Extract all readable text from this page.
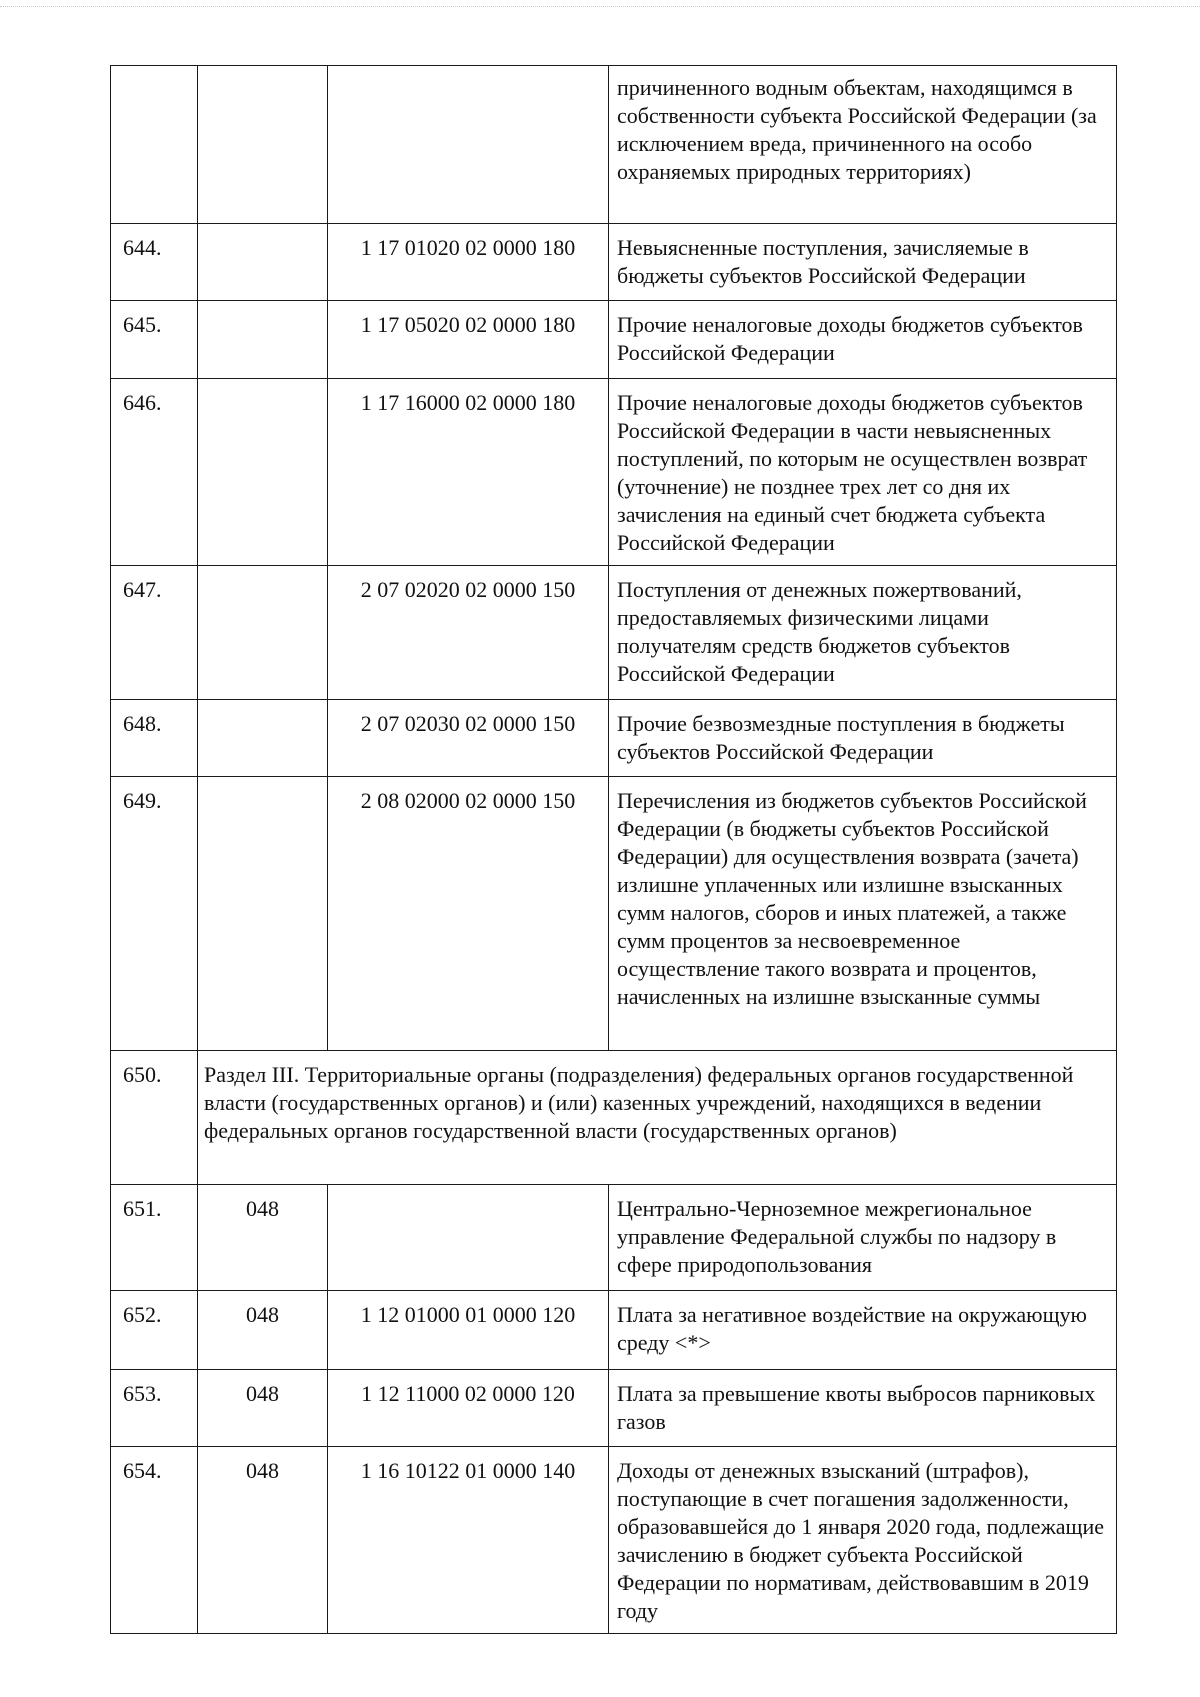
			причиненного водным объектам, находящимся в собственности субъекта Российской Федерации (за исключением вреда, причиненного на особо охраняемых природных территориях)
644.		1 17 01020 02 0000 180	Невыясненные поступления, зачисляемые в бюджеты субъектов Российской Федерации
645.		1 17 05020 02 0000 180	Прочие неналоговые доходы бюджетов субъектов Российской Федерации
646.		1 17 16000 02 0000 180	Прочие неналоговые доходы бюджетов субъектов Российской Федерации в части невыясненных поступлений, по которым не осуществлен возврат (уточнение) не позднее трех лет со дня их зачисления на единый счет бюджета субъекта Российской Федерации
647.		2 07 02020 02 0000 150	Поступления от денежных пожертвований, предоставляемых физическими лицами получателям средств бюджетов субъектов Российской Федерации
648.		2 07 02030 02 0000 150	Прочие безвозмездные поступления в бюджеты субъектов Российской Федерации
649.		2 08 02000 02 0000 150	Перечисления из бюджетов субъектов Российской Федерации (в бюджеты субъектов Российской Федерации) для осуществления возврата (зачета) излишне уплаченных или излишне взысканных сумм налогов, сборов и иных платежей, а также сумм процентов за несвоевременное осуществление такого возврата и процентов, начисленных на излишне взысканные суммы
650.	Раздел III. Территориальные органы (подразделения) федеральных органов государственной власти (государственных органов) и (или) казенных учреждений, находящихся в ведении федеральных органов государственной власти (государственных органов)		
651.	048		Центрально-Черноземное межрегиональное управление Федеральной службы по надзору в сфере природопользования
652.	048	1 12 01000 01 0000 120	Плата за негативное воздействие на окружающую среду <*>
653.	048	1 12 11000 02 0000 120	Плата за превышение квоты выбросов парниковых газов
654.	048	1 16 10122 01 0000 140	Доходы от денежных взысканий (штрафов), поступающие в счет погашения задолженности, образовавшейся до 1 января 2020 года, подлежащие зачислению в бюджет субъекта Российской Федерации по нормативам, действовавшим в 2019 году
